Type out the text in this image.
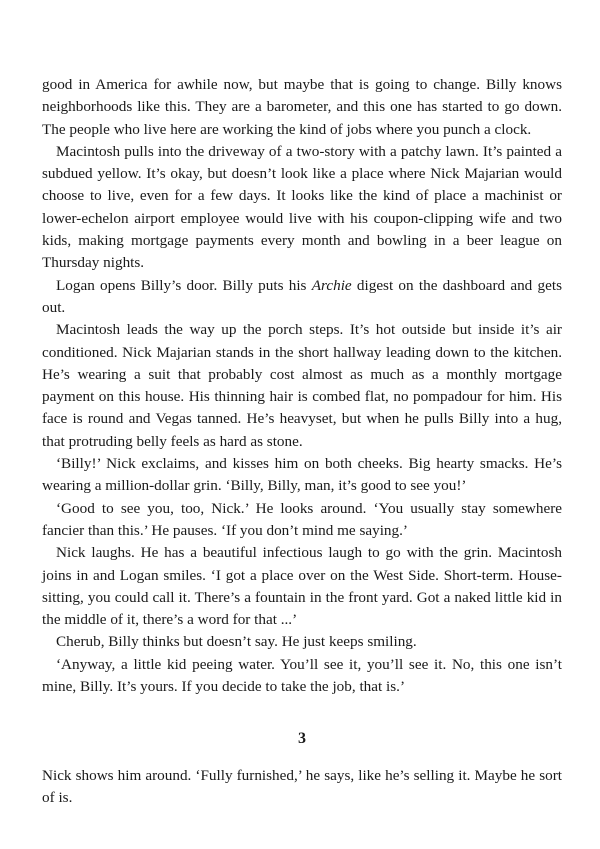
good in America for awhile now, but maybe that is going to change. Billy knows neighborhoods like this. They are a barometer, and this one has started to go down. The people who live here are working the kind of jobs where you punch a clock.

Macintosh pulls into the driveway of a two-story with a patchy lawn. It’s painted a subdued yellow. It’s okay, but doesn’t look like a place where Nick Majarian would choose to live, even for a few days. It looks like the kind of place a machinist or lower-echelon airport employee would live with his coupon-clipping wife and two kids, making mortgage payments every month and bowling in a beer league on Thursday nights.

Logan opens Billy’s door. Billy puts his Archie digest on the dashboard and gets out.

Macintosh leads the way up the porch steps. It’s hot outside but inside it’s air conditioned. Nick Majarian stands in the short hallway leading down to the kitchen. He’s wearing a suit that probably cost almost as much as a monthly mortgage payment on this house. His thinning hair is combed flat, no pompadour for him. His face is round and Vegas tanned. He’s heavyset, but when he pulls Billy into a hug, that protruding belly feels as hard as stone.

‘Billy!’ Nick exclaims, and kisses him on both cheeks. Big hearty smacks. He’s wearing a million-dollar grin. ‘Billy, Billy, man, it’s good to see you!’

‘Good to see you, too, Nick.’ He looks around. ‘You usually stay somewhere fancier than this.’ He pauses. ‘If you don’t mind me saying.’

Nick laughs. He has a beautiful infectious laugh to go with the grin. Macintosh joins in and Logan smiles. ‘I got a place over on the West Side. Short-term. House-sitting, you could call it. There’s a fountain in the front yard. Got a naked little kid in the middle of it, there’s a word for that ...’

Cherub, Billy thinks but doesn’t say. He just keeps smiling.

‘Anyway, a little kid peeing water. You’ll see it, you’ll see it. No, this one isn’t mine, Billy. It’s yours. If you decide to take the job, that is.’

3

Nick shows him around. ‘Fully furnished,’ he says, like he’s selling it. Maybe he sort of is.
